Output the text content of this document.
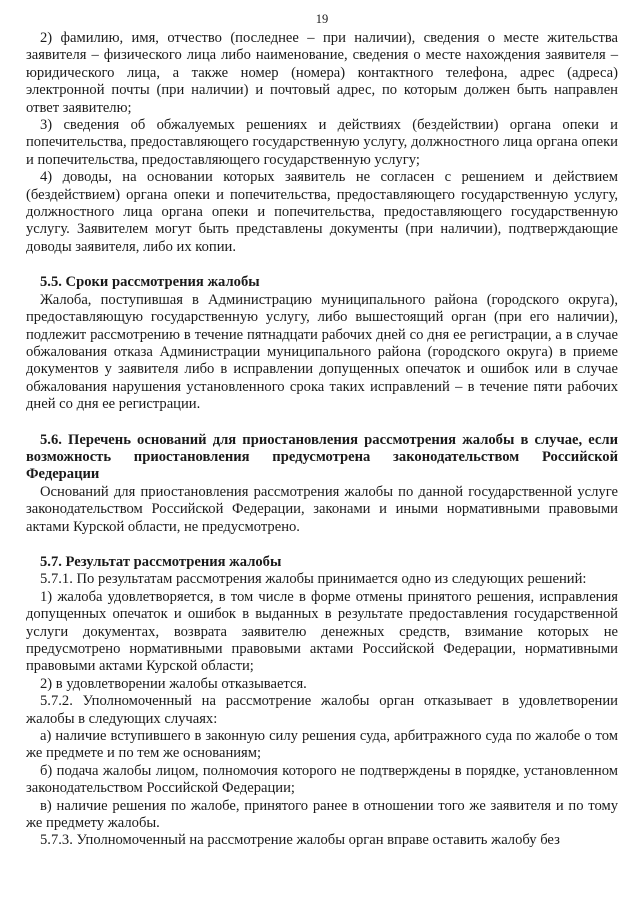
19

2) фамилию, имя, отчество (последнее – при наличии), сведения о месте жительства заявителя – физического лица либо наименование, сведения о месте нахождения заявителя – юридического лица, а также номер (номера) контактного телефона, адрес (адреса) электронной почты (при наличии) и почтовый адрес, по которым должен быть направлен ответ заявителю;

3) сведения об обжалуемых решениях и действиях (бездействии) органа опеки и попечительства, предоставляющего государственную услугу, должностного лица органа опеки и попечительства, предоставляющего государственную услугу;

4) доводы, на основании которых заявитель не согласен с решением и действием (бездействием) органа опеки и попечительства, предоставляющего государственную услугу, должностного лица органа опеки и попечительства, предоставляющего государственную услугу. Заявителем могут быть представлены документы (при наличии), подтверждающие доводы заявителя, либо их копии.

5.5. Сроки рассмотрения жалобы

Жалоба, поступившая в Администрацию муниципального района (городского округа), предоставляющую государственную услугу, либо вышестоящий орган (при его наличии), подлежит рассмотрению в течение пятнадцати рабочих дней со дня ее регистрации, а в случае обжалования отказа Администрации муниципального района (городского округа) в приеме документов у заявителя либо в исправлении допущенных опечаток и ошибок или в случае обжалования нарушения установленного срока таких исправлений – в течение пяти рабочих дней со дня ее регистрации.

5.6. Перечень оснований для приостановления рассмотрения жалобы в случае, если возможность приостановления предусмотрена законодательством Российской Федерации

Оснований для приостановления рассмотрения жалобы по данной государственной услуге законодательством Российской Федерации, законами и иными нормативными правовыми актами Курской области, не предусмотрено.

5.7. Результат рассмотрения жалобы

5.7.1. По результатам рассмотрения жалобы принимается одно из следующих решений:

1) жалоба удовлетворяется, в том числе в форме отмены принятого решения, исправления допущенных опечаток и ошибок в выданных в результате предоставления государственной услуги документах, возврата заявителю денежных средств, взимание которых не предусмотрено нормативными правовыми актами Российской Федерации, нормативными правовыми актами Курской области;

2) в удовлетворении жалобы отказывается.

5.7.2. Уполномоченный на рассмотрение жалобы орган отказывает в удовлетворении жалобы в следующих случаях:

а) наличие вступившего в законную силу решения суда, арбитражного суда по жалобе о том же предмете и по тем же основаниям;

б) подача жалобы лицом, полномочия которого не подтверждены в порядке, установленном законодательством Российской Федерации;

в) наличие решения по жалобе, принятого ранее в отношении того же заявителя и по тому же предмету жалобы.

5.7.3. Уполномоченный на рассмотрение жалобы орган вправе оставить жалобу без
